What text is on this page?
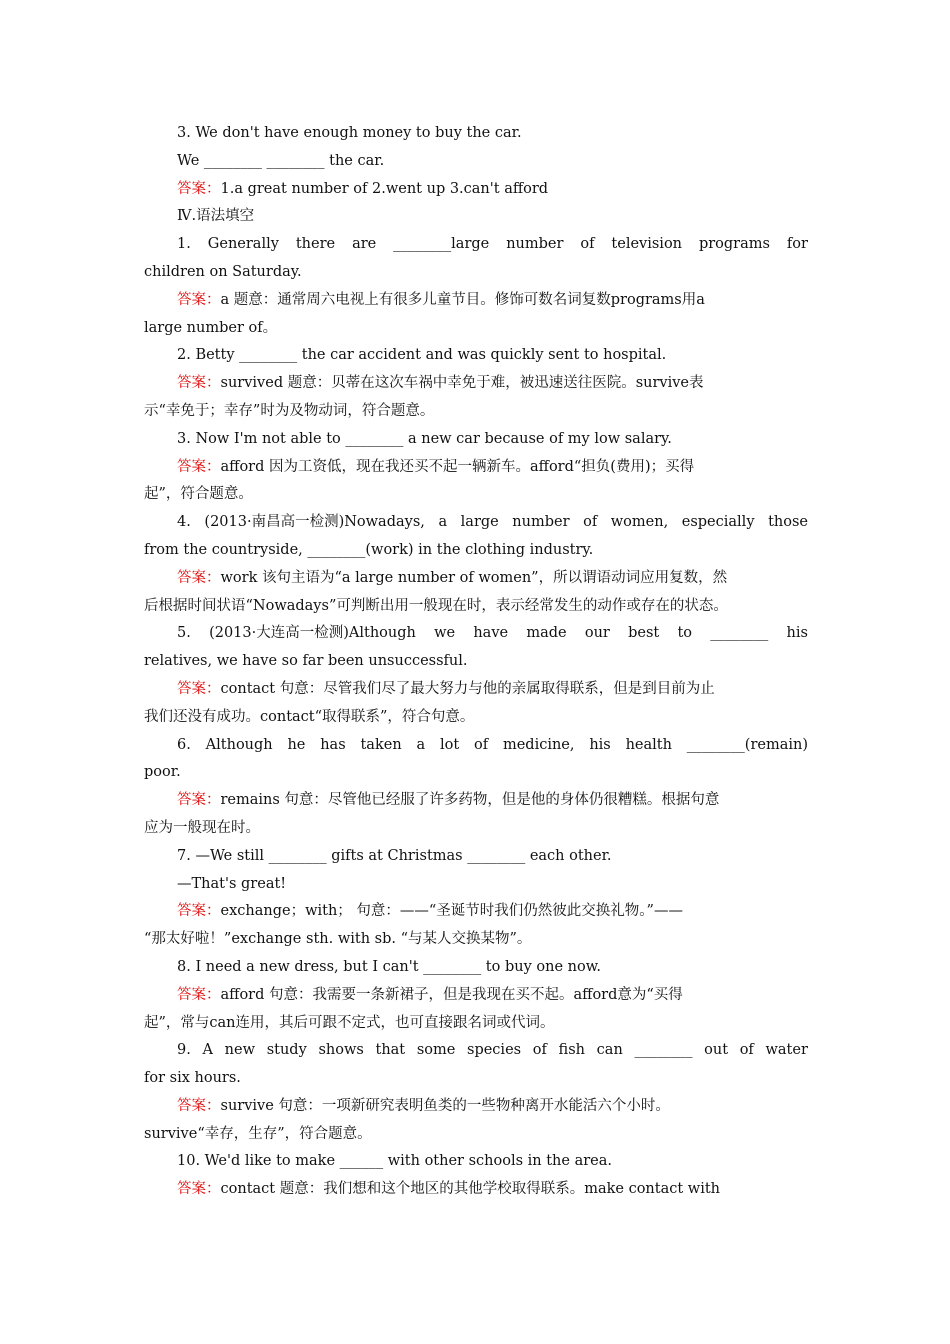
3. We don't have enough money to buy the car.
We ________ ________ the car.
答案：1.a great number of 2.went up 3.can't afford
Ⅳ.语法填空
1. Generally there are ________large number of television programs for
children on Saturday.
答案：a 题意：通常周六电视上有很多儿童节目。修饰可数名词复数programs用a
large number of。
2. Betty ________ the car accident and was quickly sent to hospital.
答案：survived 题意：贝蒂在这次车祸中幸免于难，被迅速送往医院。survive表
示“幸免于；幸存”时为及物动词，符合题意。
3. Now I'm not able to ________ a new car because of my low salary.
答案：afford 因为工资低，现在我还买不起一辆新车。afford“担负(费用)；买得
起”，符合题意。
4. (2013·南昌高一检测)Nowadays, a large number of women, especially those
from the countryside, ________(work) in the clothing industry.
答案：work 该句主语为“a large number of women”，所以谓语动词应用复数，然
后根据时间状语“Nowadays”可判断出用一般现在时，表示经常发生的动作或存在的状态。
5. (2013·大连高一检测)Although we have made our best to ________ his
relatives, we have so far been unsuccessful.
答案：contact 句意：尽管我们尽了最大努力与他的亲属取得联系，但是到目前为止
我们还没有成功。contact“取得联系”，符合句意。
6. Although he has taken a lot of medicine, his health ________(remain)
poor.
答案：remains 句意：尽管他已经服了许多药物，但是他的身体仍很糟糕。根据句意
应为一般现在时。
7. —We still ________ gifts at Christmas ________ each other.
—That's great!
答案：exchange；with； 句意：——“圣诞节时我们仍然彼此交换礼物。”——
“那太好啦！”exchange sth. with sb. “与某人交换某物”。
8. I need a new dress, but I can't ________ to buy one now.
答案：afford 句意：我需要一条新裙子，但是我现在买不起。afford意为“买得
起”，常与can连用，其后可跟不定式，也可直接跟名词或代词。
9. A new study shows that some species of fish can ________ out of water
for six hours.
答案：survive 句意：一项新研究表明鱼类的一些物种离开水能活六个小时。
survive“幸存，生存”，符合题意。
10. We'd like to make ______ with other schools in the area.
答案：contact 题意：我们想和这个地区的其他学校取得联系。make contact with
